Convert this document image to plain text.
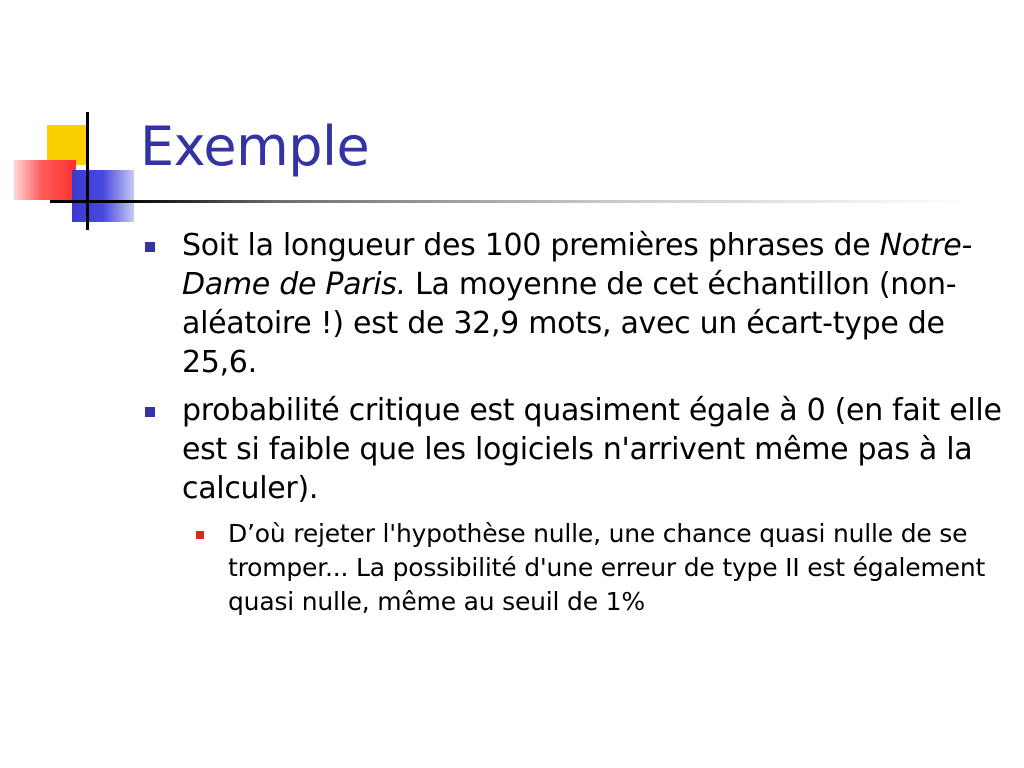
Exemple
Soit la longueur des 100 premières phrases de Notre-Dame de Paris. La moyenne de cet échantillon (non-aléatoire !) est de 32,9 mots, avec un écart-type de 25,6.
probabilité critique est quasiment égale à 0 (en fait elle est si faible que les logiciels n'arrivent même pas à la calculer).
D’où rejeter l'hypothèse nulle, une chance quasi nulle de se tromper... La possibilité d'une erreur de type II est également quasi nulle, même au seuil de 1%
